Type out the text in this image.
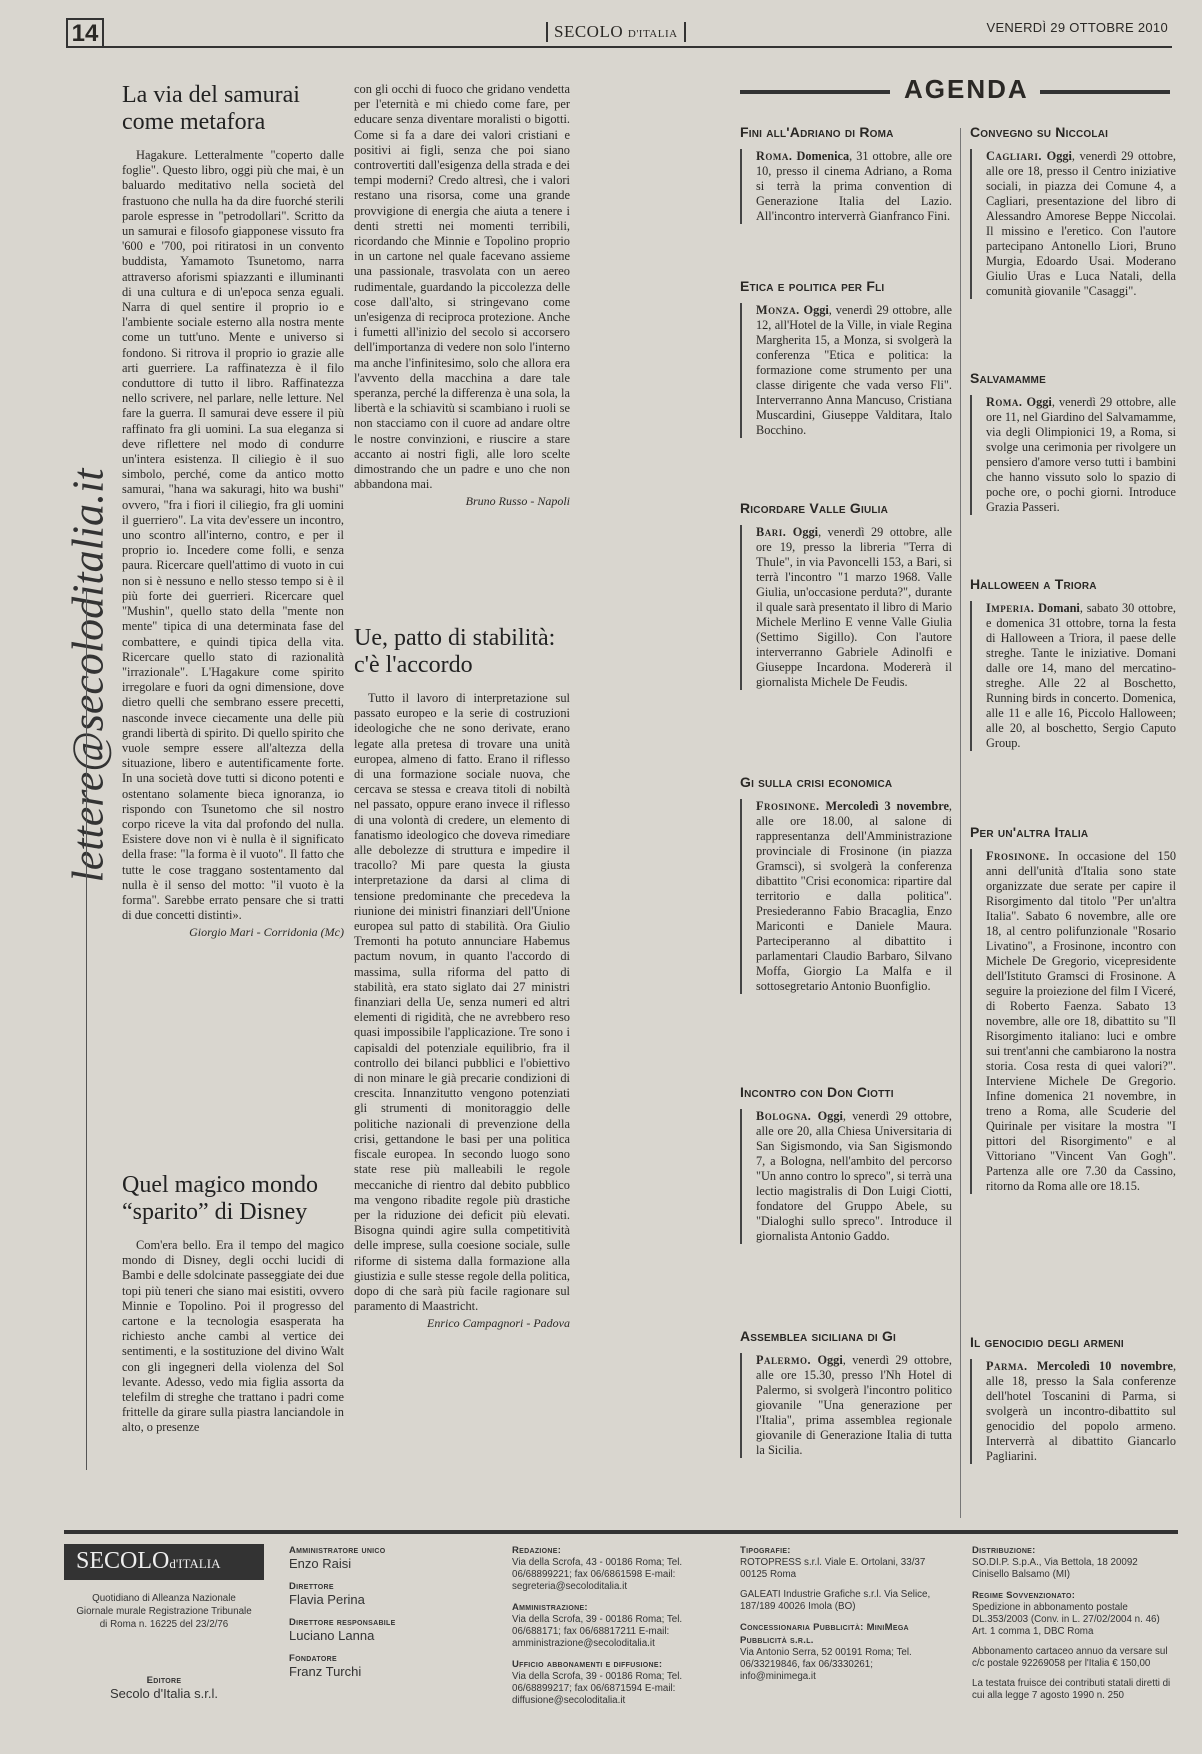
14	SECOLO D'ITALIA	VENERDÌ 29 OTTOBRE 2010
lettere@secoloditalia.it
La via del samurai come metafora

Hagakure. Letteralmente "coperto dalle foglie". Questo libro, oggi più che mai, è un baluardo meditativo nella società del frastuono che nulla ha da dire fuorché sterili parole espresse in "petrodollari". Scritto da un samurai e filosofo giapponese vissuto fra '600 e '700, poi ritiratosi in un convento buddista, Yamamoto Tsunetomo, narra attraverso aforismi spiazzanti e illuminanti di una cultura e di un'epoca senza eguali. Narra di quel sentire il proprio io e l'ambiente sociale esterno alla nostra mente come un tutt'uno. Mente e universo si fondono. Si ritrova il proprio io grazie alle arti guerriere. La raffinatezza è il filo conduttore di tutto il libro. Raffinatezza nello scrivere, nel parlare, nelle letture. Nel fare la guerra. Il samurai deve essere il più raffinato fra gli uomini. La sua eleganza si deve riflettere nel modo di condurre un'intera esistenza. Il ciliegio è il suo simbolo, perché, come da antico motto samurai, "hana wa sakuragi, hito wa bushi" ovvero, "fra i fiori il ciliegio, fra gli uomini il guerriero". La vita dev'essere un incontro, uno scontro all'interno, contro, e per il proprio io. Incedere come folli, e senza paura. Ricercare quell'attimo di vuoto in cui non si è nessuno e nello stesso tempo si è il più forte dei guerrieri. Ricercare quel "Mushin", quello stato della "mente non mente" tipica di una determinata fase del combattere, e quindi tipica della vita. Ricercare quello stato di razionalità "irrazionale". L'Hagakure come spirito irregolare e fuori da ogni dimensione, dove dietro quelli che sembrano essere precetti, nasconde invece ciecamente una delle più grandi libertà di spirito. Di quello spirito che vuole sempre essere all'altezza della situazione, libero e autentificamente forte. In una società dove tutti si dicono potenti e ostentano solamente bieca ignoranza, io rispondo con Tsunetomo che sil nostro corpo riceve la vita dal profondo del nulla. Esistere dove non vi è nulla è il significato della frase: "la forma è il vuoto". Il fatto che tutte le cose traggano sostentamento dal nulla è il senso del motto: "il vuoto è la forma". Sarebbe errato pensare che si tratti di due concetti distinti».

Giorgio Mari - Corridonia (Mc)
Quel magico mondo “sparito” di Disney

Com'era bello. Era il tempo del magico mondo di Disney, degli occhi lucidi di Bambi e delle sdolcinate passeggiate dei due topi più teneri che siano mai esistiti, ovvero Minnie e Topolino. Poi il progresso del cartone e la tecnologia esasperata ha richiesto anche cambi al vertice dei sentimenti, e la sostituzione del divino Walt con gli ingegneri della violenza del Sol levante. Adesso, vedo mia figlia assorta da telefilm di streghe che trattano i padri come frittelle da girare sulla piastra lanciandole in alto, o presenze

con gli occhi di fuoco che gridano vendetta per l'eternità e mi chiedo come fare, per educare senza diventare moralisti o bigotti. Come si fa a dare dei valori cristiani e positivi ai figli, senza che poi siano controvertiti dall'esigenza della strada e dei tempi moderni? Credo altresì, che i valori restano una risorsa, come una grande provvigione di energia che aiuta a tenere i denti stretti nei momenti terribili, ricordando che Minnie e Topolino proprio in un cartone nel quale facevano assieme una passionale, trasvolata con un aereo rudimentale, guardando la piccolezza delle cose dall'alto, si stringevano come un'esigenza di reciproca protezione. Anche i fumetti all'inizio del secolo si accorsero dell'importanza di vedere non solo l'interno ma anche l'infinitesimo, solo che allora era l'avvento della macchina a dare tale speranza, perché la differenza è una sola, la libertà e la schiavitù si scambiano i ruoli se non stacciamo con il cuore ad andare oltre le nostre convinzioni, e riuscire a stare accanto ai nostri figli, alle loro scelte dimostrando che un padre e uno che non abbandona mai.

Bruno Russo - Napoli
Ue, patto di stabilità: c'è l'accordo

Tutto il lavoro di interpretazione sul passato europeo e la serie di costruzioni ideologiche che ne sono derivate, erano legate alla pretesa di trovare una unità europea, almeno di fatto. Erano il riflesso di una formazione sociale nuova, che cercava se stessa e creava titoli di nobiltà nel passato, oppure erano invece il riflesso di una volontà di credere, un elemento di fanatismo ideologico che doveva rimediare alle debolezze di struttura e impedire il tracollo? Mi pare questa la giusta interpretazione da darsi al clima di tensione predominante che precedeva la riunione dei ministri finanziari dell'Unione europea sul patto di stabilità. Ora Giulio Tremonti ha potuto annunciare Habemus pactum novum, in quanto l'accordo di massima, sulla riforma del patto di stabilità, era stato siglato dai 27 ministri finanziari della Ue, senza numeri ed altri elementi di rigidità, che ne avrebbero reso quasi impossibile l'applicazione. Tre sono i capisaldi del potenziale equilibrio, fra il controllo dei bilanci pubblici e l'obiettivo di non minare le già precarie condizioni di crescita. Innanzitutto vengono potenziati gli strumenti di monitoraggio delle politiche nazionali di prevenzione della crisi, gettandone le basi per una politica fiscale europea. In secondo luogo sono state rese più malleabili le regole meccaniche di rientro dal debito pubblico ma vengono ribadite regole più drastiche per la riduzione dei deficit più elevati. Bisogna quindi agire sulla competitività delle imprese, sulla coesione sociale, sulle riforme di sistema dalla formazione alla giustizia e sulle stesse regole della politica, dopo di che sarà più facile ragionare sul paramento di Maastricht.

Enrico Campagnori - Padova
AGENDA
Fini all'Adriano di Roma
Roma. Domenica, 31 ottobre, alle ore 10, presso il cinema Adriano, a Roma si terrà la prima convention di Generazione Italia del Lazio. All'incontro interverrà Gianfranco Fini.
Etica e politica per Fli
Monza. Oggi, venerdì 29 ottobre, alle 12, all'Hotel de la Ville, in viale Regina Margherita 15, a Monza, si svolgerà la conferenza "Etica e politica: la formazione come strumento per una classe dirigente che vada verso Fli". Interverranno Anna Mancuso, Cristiana Muscardini, Giuseppe Valditara, Italo Bocchino.
Ricordare Valle Giulia
Bari. Oggi, venerdì 29 ottobre, alle ore 19, presso la libreria "Terra di Thule", in via Pavoncelli 153, a Bari, si terrà l'incontro "1 marzo 1968. Valle Giulia, un'occasione perduta?", durante il quale sarà presentato il libro di Mario Michele Merlino E venne Valle Giulia (Settimo Sigillo). Con l'autore interverranno Gabriele Adinolfi e Giuseppe Incardona. Modererà il giornalista Michele De Feudis.
Gi sulla crisi economica
Frosinone. Mercoledì 3 novembre, alle ore 18.00, al salone di rappresentanza dell'Amministrazione provinciale di Frosinone (in piazza Gramsci), si svolgerà la conferenza dibattito "Crisi economica: ripartire dal territorio e dalla politica". Presiederanno Fabio Bracaglia, Enzo Mariconti e Daniele Maura. Parteciperanno al dibattito i parlamentari Claudio Barbaro, Silvano Moffa, Giorgio La Malfa e il sottosegretario Antonio Buonfiglio.
Incontro con Don Ciotti
Bologna. Oggi, venerdì 29 ottobre, alle ore 20, alla Chiesa Universitaria di San Sigismondo, via San Sigismondo 7, a Bologna, nell'ambito del percorso "Un anno contro lo spreco", si terrà una lectio magistralis di Don Luigi Ciotti, fondatore del Gruppo Abele, su "Dialoghi sullo spreco". Introduce il giornalista Antonio Gaddo.
Assemblea siciliana di Gi
Palermo. Oggi, venerdì 29 ottobre, alle ore 15.30, presso l'Nh Hotel di Palermo, si svolgerà l'incontro politico giovanile "Una generazione per l'Italia", prima assemblea regionale giovanile di Generazione Italia di tutta la Sicilia.
Convegno su Niccolai
Cagliari. Oggi, venerdì 29 ottobre, alle ore 18, presso il Centro iniziative sociali, in piazza dei Comune 4, a Cagliari, presentazione del libro di Alessandro Amorese Beppe Niccolai. Il missino e l'eretico. Con l'autore partecipano Antonello Liori, Bruno Murgia, Edoardo Usai. Moderano Giulio Uras e Luca Natali, della comunità giovanile "Casaggi".
Salvamamme
Roma. Oggi, venerdì 29 ottobre, alle ore 11, nel Giardino del Salvamamme, via degli Olimpionici 19, a Roma, si svolge una cerimonia per rivolgere un pensiero d'amore verso tutti i bambini che hanno vissuto solo lo spazio di poche ore, o pochi giorni. Introduce Grazia Passeri.
Halloween a Triora
Imperia. Domani, sabato 30 ottobre, e domenica 31 ottobre, torna la festa di Halloween a Triora, il paese delle streghe. Tante le iniziative. Domani dalle ore 14, mano del mercatino-streghe. Alle 22 al Boschetto, Running birds in concerto. Domenica, alle 11 e alle 16, Piccolo Halloween; alle 20, al boschetto, Sergio Caputo Group.
Per un'altra Italia
Frosinone. In occasione del 150 anni dell'unità d'Italia sono state organizzate due serate per capire il Risorgimento dal titolo "Per un'altra Italia". Sabato 6 novembre, alle ore 18, al centro polifunzionale "Rosario Livatino", a Frosinone, incontro con Michele De Gregorio, vicepresidente dell'Istituto Gramsci di Frosinone. A seguire la proiezione del film I Viceré, di Roberto Faenza. Sabato 13 novembre, alle ore 18, dibattito su "Il Risorgimento italiano: luci e ombre sui trent'anni che cambiarono la nostra storia. Cosa resta di quei valori?". Interviene Michele De Gregorio. Infine domenica 21 novembre, in treno a Roma, alle Scuderie del Quirinale per visitare la mostra "I pittori del Risorgimento" e al Vittoriano "Vincent Van Gogh". Partenza alle ore 7.30 da Cassino, ritorno da Roma alle ore 18.15.
Il genocidio degli armeni
Parma. Mercoledì 10 novembre, alle 18, presso la Sala conferenze dell'hotel Toscanini di Parma, si svolgerà un incontro-dibattito sul genocidio del popolo armeno. Interverrà al dibattito Giancarlo Pagliarini.
SECOLOd'ITALIA
Quotidiano di Alleanza Nazionale Giornale murale Registrazione Tribunale di Roma n. 16225 del 23/2/76
Editore
Secolo d'Italia s.r.l.
Amministratore unico
Enzo Raisi
Direttore
Flavia Perina
Direttore responsabile
Luciano Lanna
Fondatore
Franz Turchi
Redazione:
Via della Scrofa, 43 - 00186 Roma; Tel. 06/68899221; fax 06/6861598 E-mail: segreteria@secoloditalia.it
Amministrazione:
Via della Scrofa, 39 - 00186 Roma; Tel. 06/688171; fax 06/68817211 E-mail: amministrazione@secoloditalia.it
Ufficio abbonamenti e diffusione:
Via della Scrofa, 39 - 00186 Roma; Tel. 06/68899217; fax 06/6871594 E-mail: diffusione@secoloditalia.it
Tipografie:
ROTOPRESS s.r.l. Viale E. Ortolani, 33/37 00125 Roma
GALEATI Industrie Grafiche s.r.l. Via Selice, 187/189 40026 Imola (BO)
Concessionaria Pubblicità: MiniMega Pubblicità s.r.l.
Via Antonio Serra, 52 00191 Roma; Tel. 06/33219846, fax 06/3330261; info@minimega.it
Distribuzione:
SO.DI.P. S.p.A., Via Bettola, 18 20092 Cinisello Balsamo (MI)
Regime Sovvenzionato:
Spedizione in abbonamento postale DL.353/2003 (Conv. in L. 27/02/2004 n. 46) Art. 1 comma 1, DBC Roma
Abbonamento cartaceo annuo da versare sul c/c postale 92269058 per l'Italia € 150,00
La testata fruisce dei contributi statali diretti di cui alla legge 7 agosto 1990 n. 250
